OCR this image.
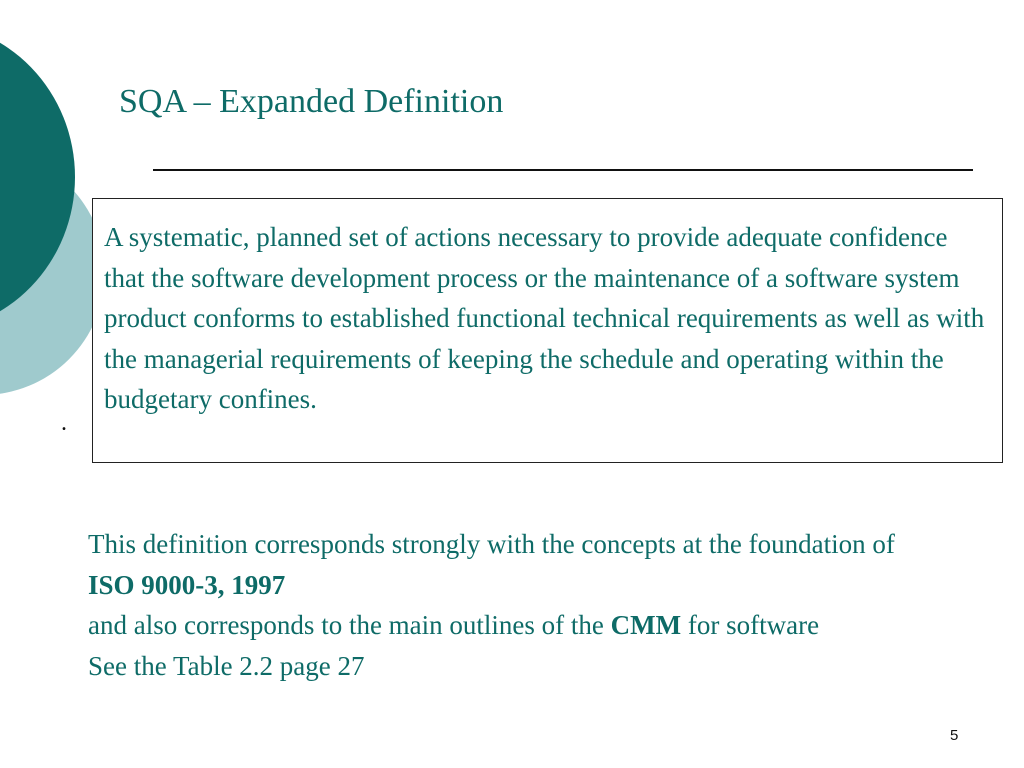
SQA – Expanded Definition

A systematic, planned set of actions necessary to provide adequate confidence that the software development process or the maintenance of a software system product conforms to established functional technical requirements as well as with the managerial requirements of keeping the schedule and operating within the budgetary confines.

.

This definition corresponds strongly with the concepts at the foundation of ISO 9000-3, 1997
and also corresponds to the main outlines of the CMM for software
See the Table 2.2 page 27

5
